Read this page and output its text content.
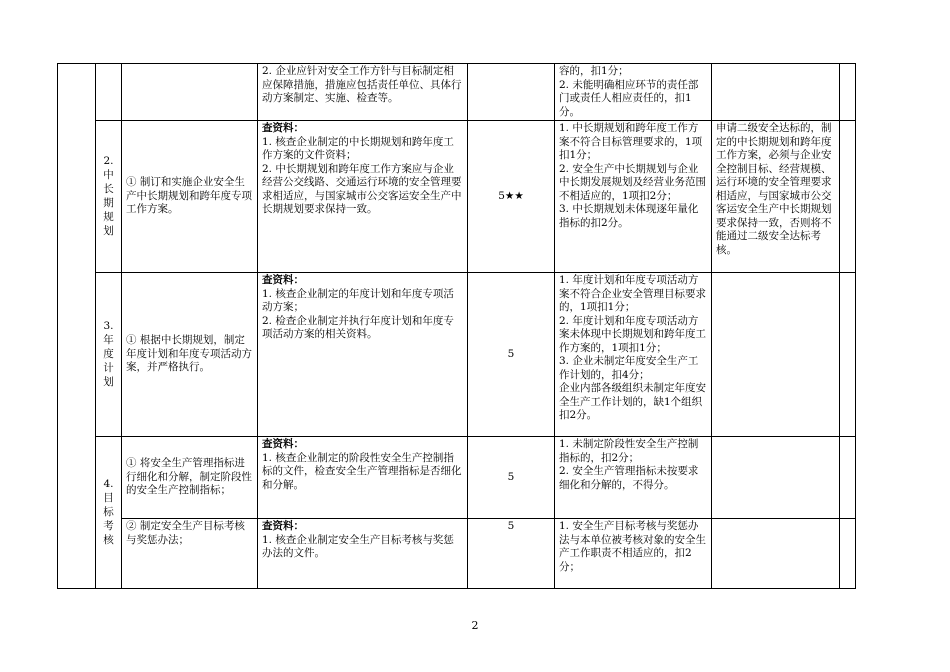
			2. 企业应针对安全工作方针与目标制定相应保障措施，措施应包括责任单位、具体行动方案制定、实施、检查等。		容的，扣1分；
2. 未能明确相应环节的责任部门或责任人相应责任的，扣1分。		
	2. 中长期规划	① 制订和实施企业安全生产中长期规划和跨年度专项工作方案。	查资料：
1. 核查企业制定的中长期规划和跨年度工作方案的文件资料；
2. 中长期规划和跨年度工作方案应与企业经营公交线路、交通运行环境的安全管理要求相适应，与国家城市公交客运安全生产中长期规划要求保持一致。	5★★	1. 中长期规划和跨年度工作方案不符合目标管理要求的，1项扣1分；
2. 安全生产中长期规划与企业中长期发展规划及经营业务范围不相适应的，1项扣2分；
3. 中长期规划未体现逐年量化指标的扣2分。	申请二级安全达标的，制定的中长期规划和跨年度工作方案，必须与企业安全控制目标、经营规模、运行环境的安全管理要求相适应，与国家城市公交客运安全生产中长期规划要求保持一致，否则将不能通过二级安全达标考核。	
	3. 年度计划	① 根据中长期规划，制定年度计划和年度专项活动方案，并严格执行。	查资料：
1. 核查企业制定的年度计划和年度专项活动方案；
2. 检查企业制定并执行年度计划和年度专项活动方案的相关资料。	5	1. 年度计划和年度专项活动方案不符合企业安全管理目标要求的，1项扣1分；
2. 年度计划和年度专项活动方案未体现中长期规划和跨年度工作方案的，1项扣1分；
3. 企业未制定年度安全生产工作计划的，扣4分；
企业内部各级组织未制定年度安全生产工作计划的，缺1个组织扣2分。		
	4. 目标考核	① 将安全生产管理指标进行细化和分解，制定阶段性的安全生产控制指标；	查资料：
1. 核查企业制定的阶段性安全生产控制指标的文件，检查安全生产管理指标是否细化和分解。	5	1. 未制定阶段性安全生产控制指标的，扣2分；
2. 安全生产管理指标未按要求细化和分解的，不得分。		
		② 制定安全生产目标考核与奖惩办法；	查资料：
1. 核查企业制定安全生产目标考核与奖惩办法的文件。	5	1. 安全生产目标考核与奖惩办法与本单位被考核对象的安全生产工作职责不相适应的，扣2分；		
2
